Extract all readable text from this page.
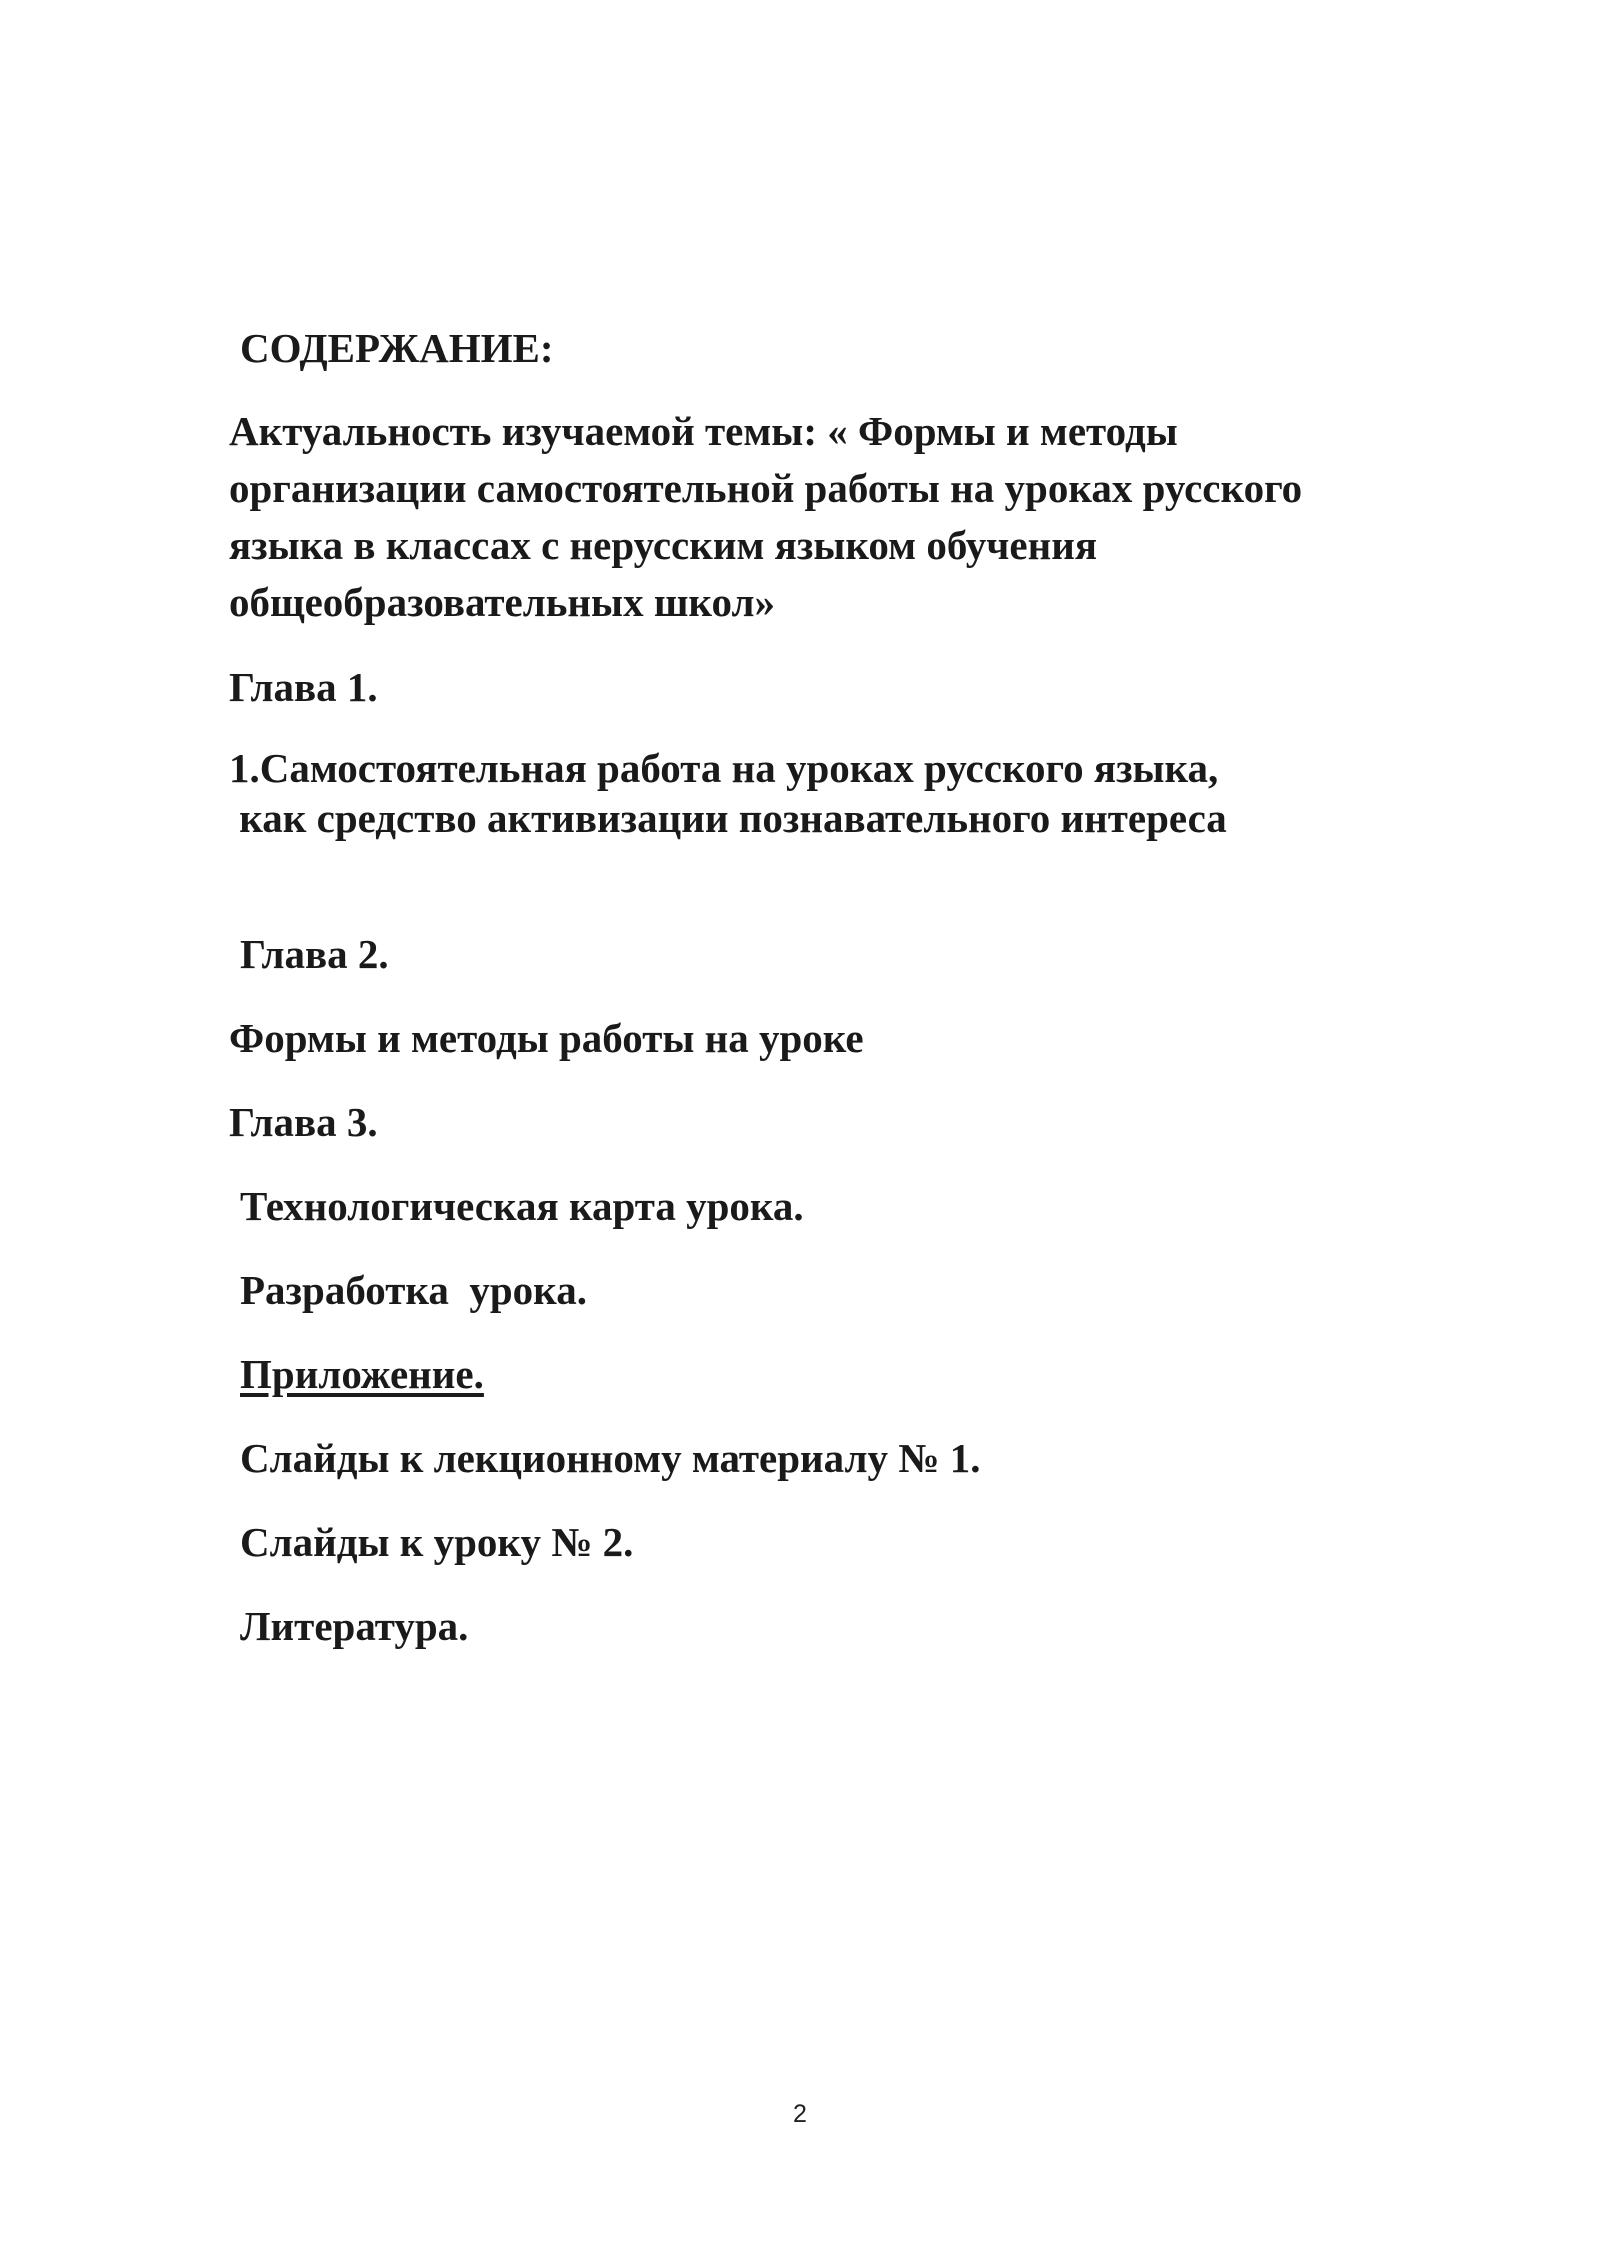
СОДЕРЖАНИЕ:

Актуальность изучаемой темы: « Формы и методы
организации самостоятельной работы на уроках русского
языка в классах с нерусским языком обучения
общеобразовательных школ»

Глава 1.

1.Самостоятельная работа на уроках русского языка,
как средство активизации познавательного интереса

Глава 2.

Формы и методы работы на уроке

Глава 3.

Технологическая карта урока.

Разработка  урока.

Приложение.

Слайды к лекционному материалу № 1.

Слайды к уроку № 2.

Литература.

2
